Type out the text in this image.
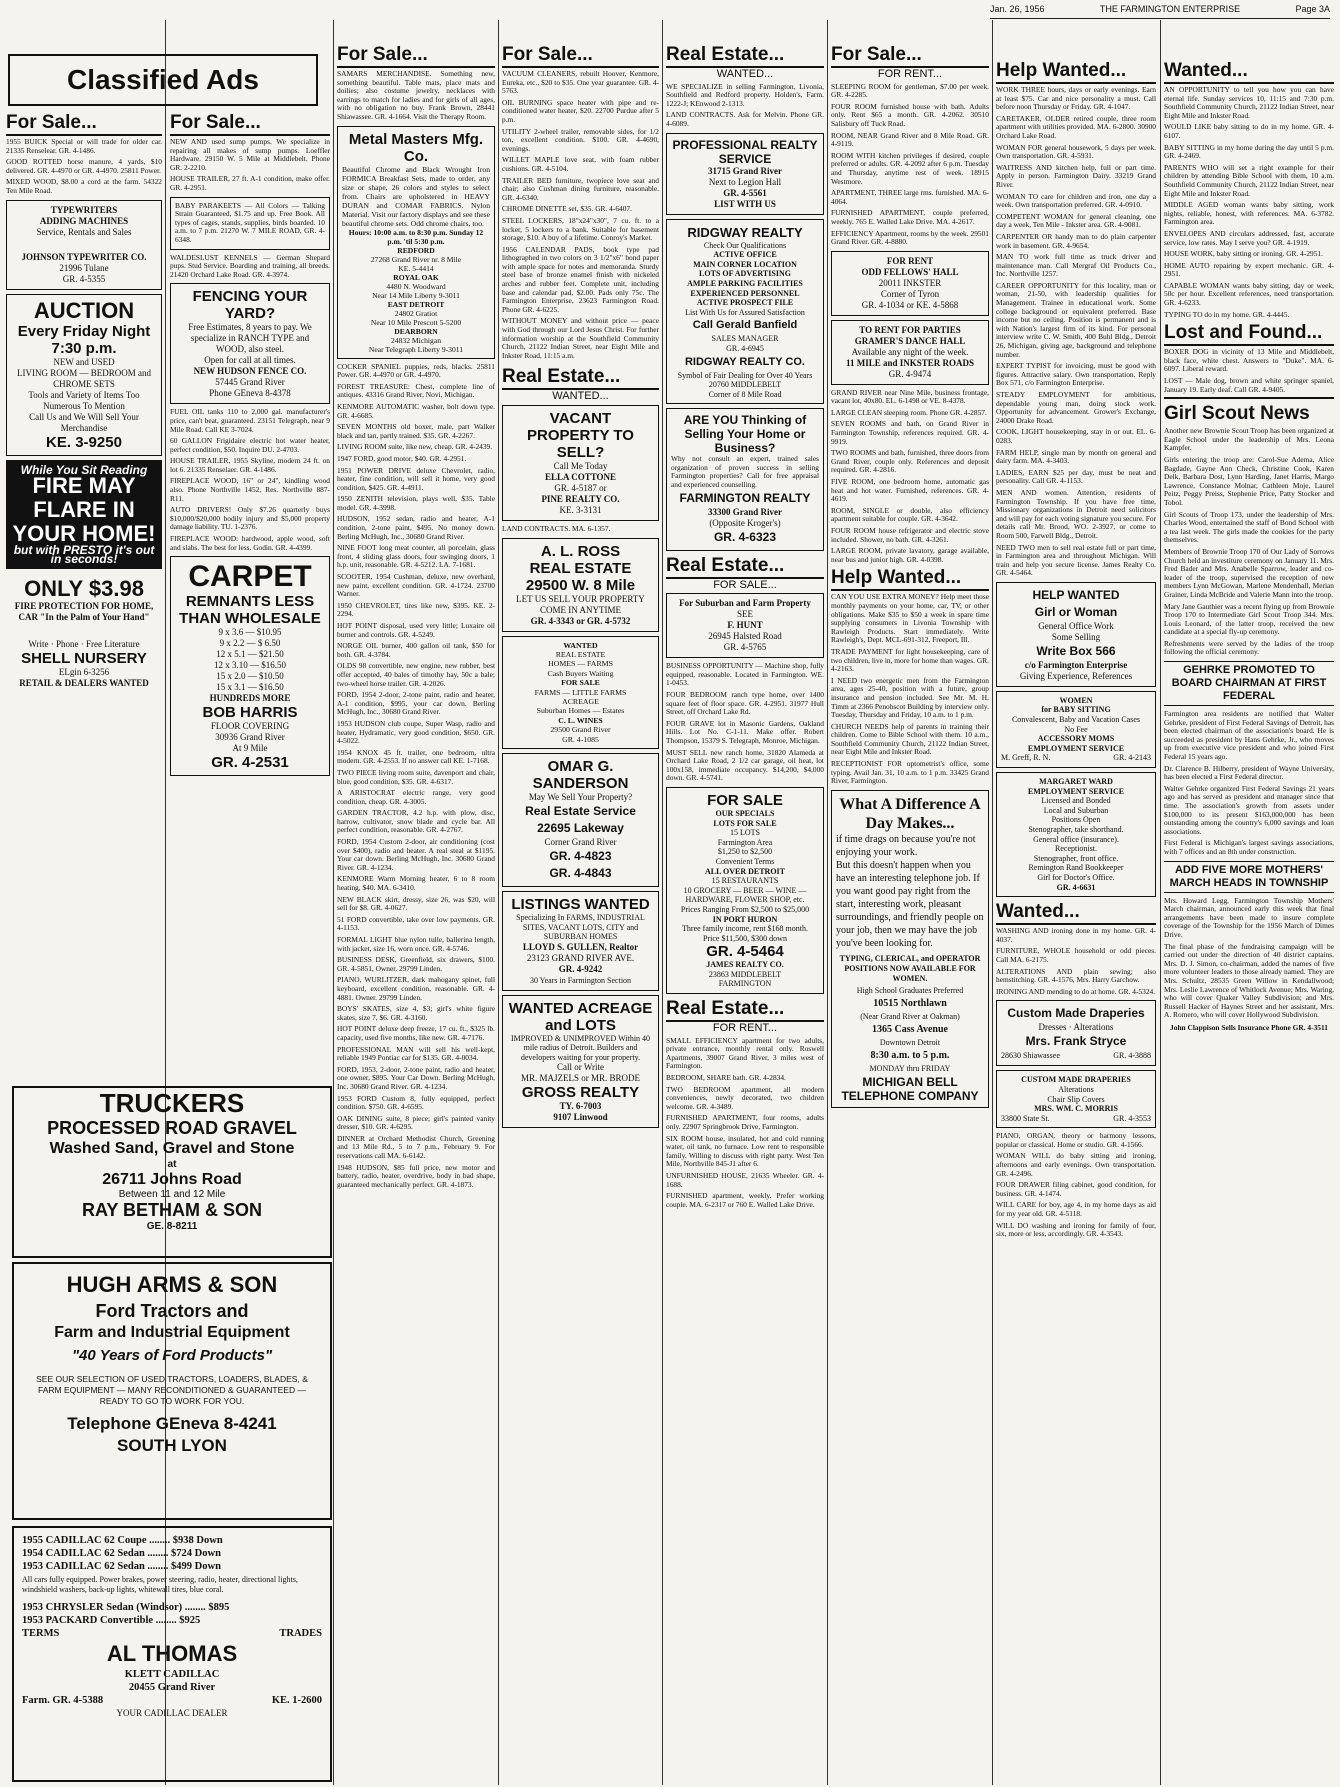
Jan. 26, 1956	THE FARMINGTON ENTERPRISE	Page 3A
Classified Ads
For Sale...

1955 BUICK Special or will trade for older car. 21335 Renselear. GR. 4-1486.

GOOD ROTTED horse manure, 4 yards, $10 delivered. GR. 4-4970 or GR. 4-4970. 25811 Power.

MIXED WOOD, $8.00 a cord at the farm. 54322 Ten Mile Road.

TYPEWRITERS
ADDING MACHINES
Service, Rentals and Sales
JOHNSON TYPEWRITER CO.
21996 Tulane
GR. 4-5355
AUCTION
Every Friday Night
7:30 p.m.
NEW and USED
LIVING ROOM — BEDROOM and CHROME SETS
Tools and Variety of Items Too Numerous To Mention
Call Us and We Will Sell Your Merchandise
KE. 3-9250
While You Sit Reading
FIRE MAY FLARE IN YOUR HOME!
but with PRESTO it's out in seconds!
ONLY $3.98
FIRE PROTECTION FOR HOME, CAR "In the Palm of Your Hand"
Write · Phone · Free Literature
SHELL NURSERY
ELgin 6-3256
RETAIL & DEALERS WANTED
For Sale...

NEW AND used sump pumps. We specialize in repairing all makes of sump pumps. Loeffler Hardware. 29150 W. 5 Mile at Middlebelt. Phone GR. 2-2210.

HOUSE TRAILER, 27 ft. A-1 condition, make offer. GR. 4-2951.

BABY PARAKEETS — All Colors — Talking Strain Guaranteed, $1.75 and up. Free Book. All types of cages, stands, supplies, birds boarded. 10 a.m. to 7 p.m. 21270 W. 7 MILE ROAD, GR. 4-6348.

WALDESLUST KENNELS — German Shepard pups. Stud Service. Boarding and training, all breeds. 21420 Orchard Lake Road. GR. 4-3974.

FENCING YOUR YARD?
Free Estimates, 8 years to pay. We specialize in RANCH TYPE and WOOD, also steel.
Open for call at all times.
NEW HUDSON FENCE CO.
57445 Grand River
Phone GEneva 8-4378

FUEL OIL tanks 110 to 2,000 gal. manufacturer's price, can't beat, guaranteed. 23151 Telegraph, near 9 Mile Road. Call KE 3-7024.

60 GALLON Frigidaire electric hot water heater, perfect condition, $50. Inquire DU. 2-4703.

HOUSE TRAILER, 1955 Skyline, modern 24 ft. on lot 6. 21335 Renselaer. GR. 4-1486.

FIREPLACE WOOD, 16" or 24", kindling wood also. Phone Northville 1452, Res. Northville 887-R11.

AUTO DRIVERS! Only $7.26 quarterly buys $10,000/$20,000 bodily injury and $5,000 property damage liability. TU. 1-2376.

FIREPLACE WOOD: hardwood, apple wood, soft and slabs. The best for less. Godin. GR. 4-4399.

CARPET
REMNANTS LESS THAN WHOLESALE
9 x 3.6 — $10.95
9 x 2.2 — $ 6.50
12 x 5.1 — $21.50
12 x 3.10 — $16.50
15 x 2.0 — $10.50
15 x 3.1 — $16.50
HUNDREDS MORE
BOB HARRIS
FLOOR COVERING
30936 Grand River
At 9 Mile
GR. 4-2531
TRUCKERS
PROCESSED ROAD GRAVEL
Washed Sand, Gravel and Stone
at
26711 Johns Road
Between 11 and 12 Mile
RAY BETHAM & SON
GE. 8-8211
HUGH ARMS & SON
Ford Tractors and
Farm and Industrial Equipment
"40 Years of Ford Products"
SEE OUR SELECTION OF USED TRACTORS, LOADERS, BLADES, & FARM EQUIPMENT — MANY RECONDITIONED & GUARANTEED — READY TO GO TO WORK FOR YOU.
Telephone GEneva 8-4241
SOUTH LYON
1955 CADILLAC 62 Coupe ........ $938 Down
1954 CADILLAC 62 Sedan ........ $724 Down
1953 CADILLAC 62 Sedan ........ $499 Down
All cars fully equipped. Power brakes, power steering, radio, heater, directional lights, windshield washers, back-up lights, whitewall tires, blue coral.
1953 CHRYSLER Sedan (Windsor) ........ $895
1953 PACKARD Convertible ........ $925
TERMS	TRADES
AL THOMAS
KLETT CADILLAC
20455 Grand River
Farm. GR. 4-5388	KE. 1-2600
YOUR CADILLAC DEALER
For Sale...

SAMARS MERCHANDISE. Something new, something beautiful. Table mats, place mats and doilies; also costume jewelry, necklaces with earrings to match for ladies and for girls of all ages, with no obligation no buy. Frank Brown, 28441 Shiawassee. GR. 4-1664. Visit the Therapy Room.

Metal Masters Mfg. Co.
Beautiful Chrome and Black Wrought Iron FORMICA Breakfast Sets, made to order, any size or shape, 26 colors and styles to select from. Chairs are upholstered in HEAVY DURAN and COMAR FABRICS. Nylon Material. Visit our factory displays and see these beautiful chrome sets. Odd chrome chairs, too.
Hours: 10:00 a.m. to 8:30 p.m. Sunday 12 p.m. 'til 5:30 p.m.
REDFORD
27268 Grand River nr. 8 Mile
KE. 5-4414
ROYAL OAK
4480 N. Woodward
Near 14 Mile Liberty 9-3011
EAST DETROIT
24802 Gratiot
Near 10 Mile Prescott 5-5200
DEARBORN
24832 Michigan
Near Telegraph Liberty 9-3011

COCKER SPANIEL puppies, reds, blacks. 25811 Power. GR. 4-4970 or GR. 4-4970.

FOREST TREASURE: Chest, complete line of antiques. 43316 Grand River, Novi, Michigan.

KENMORE AUTOMATIC washer, bolt down type. GR. 4-6685.

SEVEN MONTHS old boxer, male, part Walker black and tan, partly trained. $35. GR. 4-2267.

LIVING ROOM suite, like new, cheap. GR. 4-2439.

1947 FORD, good motor, $40. GR. 4-2951.

1951 POWER DRIVE deluxe Chevrolet, radio, heater, fine condition, will sell it home, very good condition, $425. GR. 4-4911.

1950 ZENITH television, plays well, $35. Table model. GR. 4-3998.

HUDSON, 1952 sedan, radio and heater, A-1 condition, 2-tone paint, $495. No money down. Berling McHugh, Inc., 30680 Grand River.

NINE FOOT long meat counter, all porcelain, glass front, 4 sliding glass doors, four swinging doors, 1 h.p. unit, reasonable. GR. 4-5212. LA. 7-1681.

SCOOTER, 1954 Cushman, deluxe, new overhaul, new paint, excellent condition. GR. 4-1724. 23700 Warner.

1950 CHEVROLET, tires like new, $395. KE. 2-2294.

HOT POINT disposal, used very little; Luxaire oil burner and controls. GR. 4-5249.

NORGE OIL burner, 400 gallon oil tank, $50 for both. GR. 4-3784.

OLDS 98 convertible, new engine, new rubber, best offer accepted, 40 bales of timothy hay, 50c a bale; two-wheel horse trailer. GR. 4-2026.

FORD, 1954 2-door, 2-tone paint, radio and heater, A-1 condition, $995, your car down. Berling McHugh, Inc., 30680 Grand River.

1953 HUDSON club coupe, Super Wasp, radio and heater, Hydramatic, very good condition, $650. GR. 4-5022.

1954 KNOX 45 ft. trailer, one bedroom, ultra modern. GR. 4-2553. If no answer call KE. 1-7168.

TWO PIECE living room suite, davenport and chair, blue, good condition, $35. GR. 4-6317.

A ARISTOCRAT electric range, very good condition, cheap. GR. 4-3005.

GARDEN TRACTOR, 4.2 h.p. with plow, disc, harrow, cultivator, snow blade and cycle bar. All perfect condition, reasonable. GR. 4-2767.

FORD, 1954 Custom 2-door, air conditioning (cost over $400), radio and heater. A real steal at $1195. Your car down. Berling McHugh, Inc. 30680 Grand River. GR. 4-1234.

KENMORE Warm Morning heater, 6 to 8 room heating, $40. MA. 6-3410.

NEW BLACK skirt, dressy, size 26, was $20, will sell for $8. GR. 4-0627.

51 FORD convertible, take over low payments. GR. 4-1153.

FORMAL LIGHT blue nylon tulle, ballerina length, with jacket, size 16, worn once. GR. 4-5746.

BUSINESS DESK, Greenfield, six drawers, $100. GR. 4-5851, Owner. 29799 Linden.

PIANO, WURLITZER, dark mahogany spinet, full keyboard, excellent condition, reasonable. GR. 4-4881. Owner. 29799 Linden.

BOYS' SKATES, size 4, $3; girl's white figure skates, size 7, $6. GR. 4-3160.

HOT POINT deluxe deep freeze, 17 cu. ft., $325 lb. capacity, used five months, like new. GR. 4-7176.

PROFESSIONAL MAN will sell his well-kept, reliable 1949 Pontiac car for $135. GR. 4-0034.

FORD, 1953, 2-door, 2-tone paint, radio and heater, one owner, $895. Your Car Down. Berling McHugh, Inc. 30680 Grand River. GR. 4-1234.

1953 FORD Custom 8, fully equipped, perfect condition. $750. GR. 4-6595.

OAK DINING suite, 8 piece; girl's painted vanity dresser, $10. GR. 4-6295.

DINNER at Orchard Methodist Church, Greening and 13 Mile Rd., 5 to 7 p.m., February 9. For reservations call MA. 6-6142.

1948 HUDSON, $85 full price, new motor and battery, radio, heater, overdrive, body in bad shape, guaranteed mechanically perfect. GR. 4-1873.

For Sale...

VACUUM CLEANERS, rebuilt Hoover, Kenmore, Eureka, etc., $20 to $35. One year guarantee. GR. 4-5763.

OIL BURNING space heater with pipe and re-conditioned water heater, $20. 22700 Purdue after 5 p.m.

UTILITY 2-wheel trailer, removable sides, for 1/2 ton, excellent condition. $100. GR. 4-4690, evenings.

WILLET MAPLE love seat, with foam rubber cushions. GR. 4-5104.

TRAILER BED furniture, twopiece love seat and chair; also Cushman dining furniture, reasonable. GR. 4-6340.

CHROME DINETTE set, $35. GR. 4-6407.

STEEL LOCKERS, 18"x24"x30", 7 cu. ft. to a locker, 5 lockers to a bank. Suitable for basement storage, $10. A buy of a lifetime. Conroy's Market.

1956 CALENDAR PADS, book type pad lithographed in two colors on 3 1/2"x6" bond paper with ample space for notes and memoranda. Sturdy steel base of bronze enamel finish with nickeled arches and rubber feet. Complete unit, including base and calendar pad, $2.00. Pads only 75c. The Farmington Enterprise, 23623 Farmington Road. Phone GR. 4-6225.

WITHOUT MONEY and without price — peace with God through our Lord Jesus Christ. For further information worship at the Southfield Community Church, 21122 Indian Street, near Eight Mile and Inkster Road, 11:15 a.m.

Real Estate...
WANTED...
VACANT PROPERTY TO SELL?
Call Me Today
ELLA COTTONE
GR. 4-5187 or
PINE REALTY CO.
KE. 3-3131

LAND CONTRACTS. MA. 6-1357.

A. L. ROSS
REAL ESTATE
29500 W. 8 Mile
LET US SELL YOUR PROPERTY
COME IN ANYTIME
GR. 4-3343 or GR. 4-5732
WANTED
REAL ESTATE
HOMES — FARMS
Cash Buyers Waiting
FOR SALE
FARMS — LITTLE FARMS
ACREAGE
Suburban Homes — Estates
C. L. WINES
29500 Grand River
GR. 4-1085
OMAR G. SANDERSON
May We Sell Your Property?
Real Estate Service
22695 Lakeway
Corner Grand River
GR. 4-4823
GR. 4-4843
LISTINGS WANTED
Specializing In FARMS, INDUSTRIAL SITES, VACANT LOTS, CITY and SUBURBAN HOMES
LLOYD S. GULLEN, Realtor
23123 GRAND RIVER AVE.
GR. 4-9242
30 Years in Farmington Section
WANTED ACREAGE and LOTS
IMPROVED & UNIMPROVED Within 40 mile radius of Detroit. Builders and developers waiting for your property.
Call or Write
MR. MAJZELS or MR. BRODE
GROSS REALTY
TY. 6-7003
9107 Linwood
Real Estate...
WANTED...

WE SPECIALIZE in selling Farmington, Livonia, Southfield and Redford property. Holden's, Farm. 1222-J; KEnwood 2-1313.

LAND CONTRACTS. Ask for Melvin. Phone GR. 4-6089.

PROFESSIONAL REALTY SERVICE
31715 Grand River
Next to Legion Hall
GR. 4-5561
LIST WITH US
RIDGWAY REALTY
Check Our Qualifications
ACTIVE OFFICE
MAIN CORNER LOCATION
LOTS OF ADVERTISING
AMPLE PARKING FACILITIES
EXPERIENCED PERSONNEL
ACTIVE PROSPECT FILE
List With Us for Assured Satisfaction
Call Gerald Banfield
SALES MANAGER
GR. 4-6945
RIDGWAY REALTY CO.
Symbol of Fair Dealing for Over 40 Years
20760 MIDDLEBELT
Corner of 8 Mile Road
ARE YOU Thinking of Selling Your Home or Business?
Why not consult an expert, trained sales organization of proven success in selling Farmington properties? Call for free appraisal and experienced counselling.
FARMINGTON REALTY
33300 Grand River
(Opposite Kroger's)
GR. 4-6323
Real Estate...
FOR SALE...
For Suburban and Farm Property
SEE
F. HUNT
26945 Halsted Road
GR. 4-5765

BUSINESS OPPORTUNITY — Machine shop, fully equipped, reasonable. Located in Farmington. WE. 1-0453.

FOUR BEDROOM ranch type home, over 1400 square feet of floor space. GR. 4-2951. 31977 Hull Street, off Orchard Lake Rd.

FOUR GRAVE lot in Masonic Gardens, Oakland Hills. Lot No. C-1-11. Make offer. Robert Thompson, 15379 S. Telegraph, Monroe, Michigan.

MUST SELL new ranch home, 31820 Alameda at Orchard Lake Road, 2 1/2 car garage, oil heat, lot 100x158, immediate occupancy. $14,200, $4,000 down. GR. 4-5741.

FOR SALE
OUR SPECIALS
LOTS FOR SALE
15 LOTS
Farmington Area
$1,250 to $2,500
Convenient Terms
ALL OVER DETROIT
15 RESTAURANTS
10 GROCERY — BEER — WINE — HARDWARE, FLOWER SHOP, etc.
Prices Ranging From $2,500 to $25,000
IN PORT HURON
Three family income, rent $168 month.
Price $11,500, $300 down
GR. 4-5464
JAMES REALTY CO.
23863 MIDDLEBELT
FARMINGTON
Real Estate...
FOR RENT...

SMALL EFFICIENCY apartment for two adults, private entrance, monthly rental only. Roswell Apartments, 39007 Grand River, 3 miles west of Farmington.

BEDROOM, SHARE bath. GR. 4-2834.

TWO BEDROOM apartment, all modern conveniences, newly decorated, two children welcome. GR. 4-3489.

FURNISHED APARTMENT, four rooms, adults only. 22907 Springbrook Drive, Farmington.

SIX ROOM house, insulated, hot and cold running water, oil tank, no furnace. Low rent to responsible family. Willing to discuss with right party. West Ten Mile, Northville 845-J1 after 6.

UNFURNISHED HOUSE, 21635 Wheeler. GR. 4-1688.

FURNISHED apartment, weekly. Prefer working couple. MA. 6-2317 or 760 E. Walled Lake Drive.

For Sale...
FOR RENT...

SLEEPING ROOM for gentleman, $7.00 per week. GR. 4-2285.

FOUR ROOM furnished house with bath. Adults only. Rent $65 a month. GR. 4-2062. 30510 Salisbury off Tuck Road.

ROOM, NEAR Grand River and 8 Mile Road. GR. 4-9119.

ROOM WITH kitchen privileges if desired, couple preferred or adults. GR. 4-2092 after 6 p.m. Tuesday and Thursday, anytime rest of week. 18915 Westmore.

APARTMENT, THREE large rms. furnished. MA. 6-4064.

FURNISHED APARTMENT, couple preferred, weekly. 765 E. Walled Lake Drive. MA. 4-2617.

EFFICIENCY Apartment, rooms by the week. 29501 Grand River. GR. 4-8880.

FOR RENT
ODD FELLOWS' HALL
20011 INKSTER
Corner of Tyron
GR. 4-1034 or KE. 4-5868
TO RENT FOR PARTIES
GRAMER'S DANCE HALL
Available any night of the week.
11 MILE and INKSTER ROADS
GR. 4-9474

GRAND RIVER near Nine Mile, business frontage, vacant lot, 40x80. EL. 6-1498 or VE. 8-4378.

LARGE CLEAN sleeping room. Phone GR. 4-2857.

SEVEN ROOMS and bath, on Grand River in Farmington Township, references required. GR. 4-9919.

TWO ROOMS and bath, furnished, three doors from Grand River, couple only. References and deposit required. GR. 4-2816.

FIVE ROOM, one bedroom home, automatic gas heat and hot water. Furnished, references. GR. 4-4619.

ROOM, SINGLE or double, also efficiency apartment suitable for couple. GR. 4-3642.

FOUR ROOM house refrigerator and electric stove included. Shower, no bath. GR. 4-3261.

LARGE ROOM, private lavatory, garage available, near bus and junior high. GR. 4-0398.

Help Wanted...

CAN YOU USE EXTRA MONEY? Help meet those monthly payments on your home, car, TV, or other obligations. Make $35 to $50 a week in spare time supplying consumers in Livonia Township with Rawleigh Products. Start immediately. Write Rawleigh's, Dept. MCL-691-312, Freeport, Ill.

TRADE PAYMENT for light housekeeping, care of two children, live in, more for home than wages. GR. 4-2163.

I NEED two energetic men from the Farmington area, ages 25-40, position with a future, group insurance and pension included. See Mr. M. H. Timm at 2366 Penobscot Building by interview only. Tuesday, Thursday and Friday, 10 a.m. to 1 p.m.

CHURCH NEEDS help of parents in training their children. Come to Bible School with them. 10 a.m., Southfield Community Church, 21122 Indian Street, near Eight Mile and Inkster Road.

RECEPTIONIST FOR optometrist's office, some typing. Avail Jan. 31, 10 a.m. to 1 p.m. 33425 Grand River, Farmington.

What A Difference A Day Makes...
if time drags on because you're not enjoying your work.
But this doesn't happen when you have an interesting telephone job. If you want good pay right from the start, interesting work, pleasant surroundings, and friendly people on your job, then we may have the job you've been looking for.
TYPING, CLERICAL, and OPERATOR POSITIONS NOW AVAILABLE FOR WOMEN.
High School Graduates Preferred
10515 Northlawn
(Near Grand River at Oakman)
1365 Cass Avenue
Downtown Detroit
8:30 a.m. to 5 p.m.
MONDAY thru FRIDAY
MICHIGAN BELL TELEPHONE COMPANY
Help Wanted...

WORK THREE hours, days or early evenings. Earn at least $75. Car and nice personality a must. Call before noon Thursday or Friday. GR. 4-1047.

CARETAKER, OLDER retired couple, three room apartment with utilities provided. MA. 6-2800. 30900 Orchard Lake Road.

WOMAN FOR general housework, 5 days per week. Own transportation. GR. 4-5931.

WAITRESS AND kitchen help, full or part time. Apply in person. Farmington Dairy. 33219 Grand River.

WOMAN TO care for children and iron, one day a week. Own transportation preferred. GR. 4-0910.

COMPETENT WOMAN for general cleaning, one day a week, Ten Mile - Inkster area. GR. 4-9081.

CARPENTER OR handy man to do plain carpenter work in basement. GR. 4-9654.

MAN TO work full time as truck driver and maintenance man. Call Mergraf Oil Products Co., Inc. Northville 1257.

CAREER OPPORTUNITY for this locality, man or woman, 21-50, with leadership qualities for Management. Trainee in educational work. Some college background or equivalent preferred. Base income but no ceiling. Position is permanent and is with Nation's largest firm of its kind. For personal interview write C. W. Smith, 400 Buhl Bldg., Detroit 26, Michigan, giving age, background and telephone number.

EXPERT TYPIST for invoicing, must be good with figures. Attractive salary. Own transportation. Reply Box 571, c/o Farmington Enterprise.

STEADY EMPLOYMENT for ambitious, dependable young man, doing stock work. Opportunity for advancement. Grower's Exchange, 24000 Drake Road.

COOK, LIGHT housekeeping, stay in or out. EL. 6-0283.

FARM HELP, single man by month on general and dairy farm. MA. 4-3403.

LADIES, EARN $25 per day, must be neat and personality. Call GR. 4-1153.

MEN AND women. Attention, residents of Farmington Township. If you have free time, Missionary organizations in Detroit need solicitors and will pay for each voting signature you secure. For details call Mr. Brood, WO. 2-3927, or come to Room 500, Farwell Bldg., Detroit.

NEED TWO men to sell real estate full or part time, in Farmington area and throughout Michigan. Will train and help you secure license. James Realty Co. GR. 4-5464.

HELP WANTED
Girl or Woman
General Office Work
Some Selling
Write Box 566
c/o Farmington Enterprise
Giving Experience, References
WOMEN
for BABY SITTING
Convalescent, Baby and Vacation Cases
No Fee
ACCESSORY MOMS
EMPLOYMENT SERVICE
M. Greff, R. N.	GR. 4-2143
MARGARET WARD
EMPLOYMENT SERVICE
Licensed and Bonded
Local and Suburban
Positions Open
Stenographer, take shorthand.
General office (insurance).
Receptionist.
Stenographer, front office.
Remington Rand Bookkeeper
Girl for Doctor's Office.
GR. 4-6631
Wanted...

WASHING AND ironing done in my home. GR. 4-4037.

FURNITURE, WHOLE household or odd pieces. Call MA. 6-2175.

ALTERATIONS AND plain sewing; also hemstitching. GR. 4-1576, Mrs. Harry Garchow.

IRONING AND mending to do at home. GR. 4-5324.

Custom Made Draperies
Dresses · Alterations
Mrs. Frank Stryce
28630 Shiawassee	GR. 4-3888
CUSTOM MADE DRAPERIES
Alterations
Chair Slip Covers
MRS. WM. C. MORRIS
33800 State St.	GR. 4-3553

PIANO, ORGAN, theory or harmony lessons, popular or classical. Home or studio. GR. 4-1566.

WOMAN WILL do baby sitting and ironing, afternoons and early evenings. Own transportation. GR. 4-2496.

FOUR DRAWER filing cabinet, good condition, for business. GR. 4-1474.

WILL CARE for boy, age 4, in my home days as aid for my year old. GR. 4-5118.

WILL DO washing and ironing for family of four, six, more or less, accordingly. GR. 4-3543.

Wanted...

AN OPPORTUNITY to tell you how you can have eternal life. Sunday services 10, 11:15 and 7:30 p.m. Southfield Community Church, 21122 Indian Street, near Eight Mile and Inkster Road.

WOULD LIKE baby sitting to do in my home. GR. 4-6107.

BABY SITTING in my home during the day until 5 p.m. GR. 4-2469.

PARENTS WHO will set a right example for their children by attending Bible School with them, 10 a.m. Southfield Community Church, 21122 Indian Street, near Eight Mile and Inkster Road.

MIDDLE AGED woman wants baby sitting, work nights, reliable, honest, with references. MA. 6-3782. Farmington area.

ENVELOPES AND circulars addressed, fast, accurate service, low rates. May I serve you? GR. 4-1919.

HOUSE WORK, baby sitting or ironing. GR. 4-2951.

HOME AUTO repairing by expert mechanic. GR. 4-2951.

CAPABLE WOMAN wants baby sitting, day or week, 50c per hour. Excellent references, need transportation. GR. 4-6233.

TYPING TO do in my home. GR. 4-4445.

Lost and Found...

BOXER DOG in vicinity of 13 Mile and Middlebelt, black face, white chest. Answers to "Duke". MA. 6-6097. Liberal reward.

LOST — Male dog, brown and white springer spaniel, January 19. Early deaf. Call GR. 4-9405.

Girl Scout News

Another new Brownie Scout Troop has been organized at Eagle School under the leadership of Mrs. Leona Kampfer.

Girls entering the troop are: Carol-Sue Adema, Alice Bagdade, Gayne Ann Check, Christine Cook, Karen Delk, Barbara Dost, Lynn Harding, Janet Harris, Margo Lawrence, Constance Molnar, Cathleen Moje, Laurel Peitz, Peggy Preiss, Stephenie Price, Patty Stocker and Tobol.

Girl Scouts of Troop 173, under the leadership of Mrs. Charles Wood, entertained the staff of Bond School with a tea last week. The girls made the cookies for the party themselves.

Members of Brownie Troop 170 of Our Lady of Sorrows Church held an investiture ceremony on January 11. Mrs. Fred Bader and Mrs. Anabelle Sparrow, leader and co-leader of the troop, supervised the reception of new members Lynn McGowan, Marlene Mendenhall, Merian Grainer, Linda McBride and Valerie Mann into the troop.

Mary Jane Gauthier was a recent flying up from Brownie Troop 170 to Intermediate Girl Scout Troop 344. Mrs. Louis Leonard, of the latter troop, received the new candidate at a special fly-up ceremony.

Refreshments were served by the ladies of the troop following the official ceremony.

GEHRKE PROMOTED TO BOARD CHAIRMAN AT FIRST FEDERAL

Farmington area residents are notified that Walter Gehrke, president of First Federal Savings of Detroit, has been elected chairman of the association's board. He is succeeded as president by Hans Gehrke, Jr., who moves up from executive vice president and who joined First Federal 15 years ago.

Dr. Clarence B. Hilberry, president of Wayne University, has been elected a First Federal director.

Walter Gehrke organized First Federal Savings 21 years ago and has served as president and manager since that time. The association's growth from assets under $100,000 to its present $163,000,000 has been outstanding among the country's 6,000 savings and loan associations.

First Federal is Michigan's largest savings associations, with 7 offices and an 8th under construction.

ADD FIVE MORE MOTHERS' MARCH HEADS IN TOWNSHIP

Mrs. Howard Legg, Farmington Township Mothers' March chairman, announced early this week that final arrangements have been made to insure complete coverage of the Township for the 1956 March of Dimes Drive.

The final phase of the fundraising campaign will be carried out under the direction of 40 district captains. Mrs. D. J. Simon, co-chairman, added the names of five more volunteer leaders to those already named. They are Mrs. Schultz, 28535 Green Willow in Kendallwood; Mrs. Leslie Lawrence of Whitlock Avenue; Mrs. Waring, who will cover Quaker Valley Subdivision; and Mrs. Russell Hacker of Haynes Street and her assistant, Mrs. A. Romero, who will cover Hollywood Subdivision.

John Clappison Sells Insurance Phone GR. 4-3511
